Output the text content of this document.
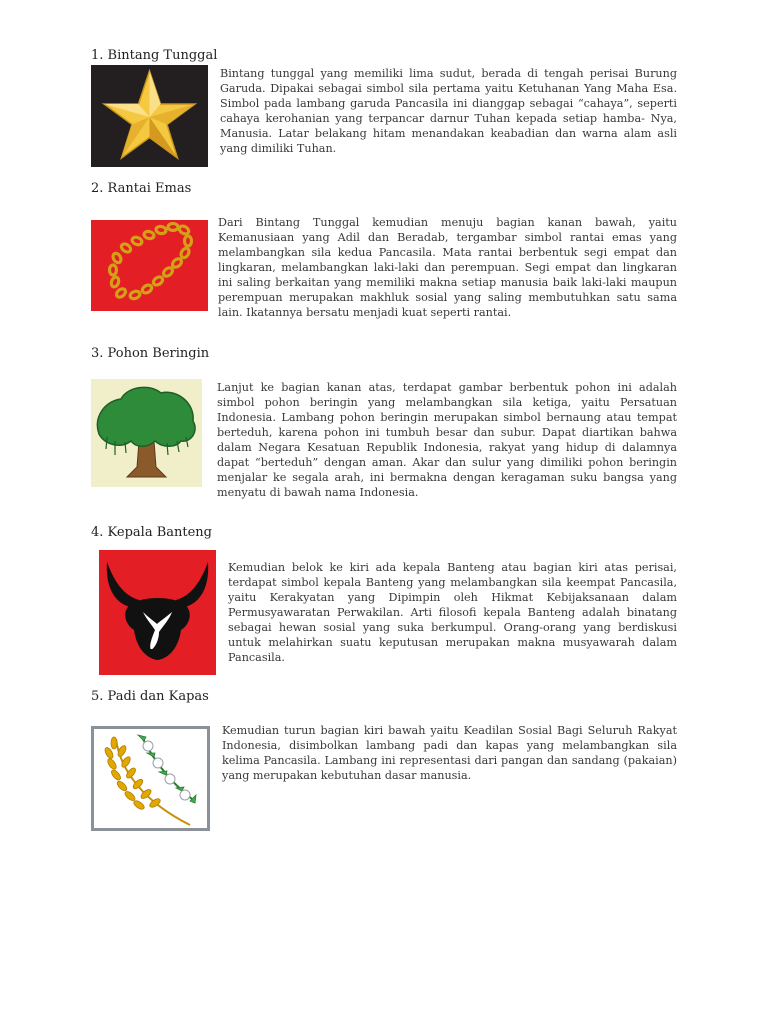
1. Bintang Tunggal

Bintang tunggal yang memiliki lima sudut, berada di tengah perisai Burung Garuda. Dipakai sebagai simbol sila pertama yaitu Ketuhanan Yang Maha Esa. Simbol pada lambang garuda Pancasila ini dianggap sebagai “cahaya”, seperti cahaya kerohanian yang terpancar darnur Tuhan kepada setiap hamba- Nya, Manusia. Latar belakang hitam menandakan keabadian dan warna alam asli yang dimiliki Tuhan.

2. Rantai Emas

Dari Bintang Tunggal kemudian menuju bagian kanan bawah, yaitu Kemanusiaan yang Adil dan Beradab, tergambar simbol rantai emas yang melambangkan sila kedua Pancasila. Mata rantai berbentuk segi empat dan lingkaran, melambangkan laki-laki dan perempuan. Segi empat dan lingkaran ini saling berkaitan yang memiliki makna setiap manusia baik laki-laki maupun perempuan merupakan makhluk sosial yang saling membutuhkan satu sama lain. Ikatannya bersatu menjadi kuat seperti rantai.

3. Pohon Beringin

Lanjut ke bagian kanan atas, terdapat gambar berbentuk pohon ini adalah simbol pohon beringin yang melambangkan sila ketiga, yaitu Persatuan Indonesia. Lambang pohon beringin merupakan simbol bernaung atau tempat berteduh, karena pohon ini tumbuh besar dan subur. Dapat diartikan bahwa dalam Negara Kesatuan Republik Indonesia, rakyat yang hidup di dalamnya dapat “berteduh” dengan aman. Akar dan sulur yang dimiliki pohon beringin menjalar ke segala arah, ini bermakna dengan keragaman suku bangsa yang menyatu di bawah nama Indonesia.

4. Kepala Banteng

Kemudian belok ke kiri ada kepala Banteng atau bagian kiri atas perisai, terdapat simbol kepala Banteng yang melambangkan sila keempat Pancasila, yaitu Kerakyatan yang Dipimpin oleh Hikmat Kebijaksanaan dalam Permusyawaratan Perwakilan. Arti filosofi kepala Banteng adalah binatang sebagai hewan sosial yang suka berkumpul. Orang-orang yang berdiskusi untuk melahirkan suatu keputusan merupakan makna musyawarah dalam Pancasila.

5. Padi dan Kapas

Kemudian turun bagian kiri bawah yaitu Keadilan Sosial Bagi Seluruh Rakyat Indonesia, disimbolkan lambang padi dan kapas yang melambangkan sila kelima Pancasila. Lambang ini representasi dari pangan dan sandang (pakaian) yang merupakan kebutuhan dasar manusia.
